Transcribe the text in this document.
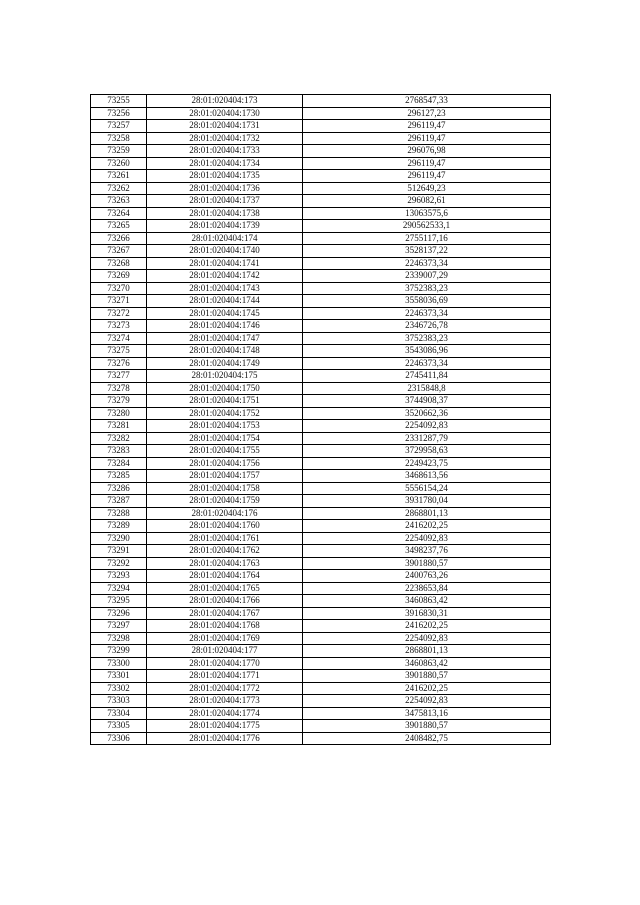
73255	28:01:020404:173	2768547,33
73256	28:01:020404:1730	296127,23
73257	28:01:020404:1731	296119,47
73258	28:01:020404:1732	296119,47
73259	28:01:020404:1733	296076,98
73260	28:01:020404:1734	296119,47
73261	28:01:020404:1735	296119,47
73262	28:01:020404:1736	512649,23
73263	28:01:020404:1737	296082,61
73264	28:01:020404:1738	13063575,6
73265	28:01:020404:1739	290562533,1
73266	28:01:020404:174	2755117,16
73267	28:01:020404:1740	3528137,22
73268	28:01:020404:1741	2246373,34
73269	28:01:020404:1742	2339007,29
73270	28:01:020404:1743	3752383,23
73271	28:01:020404:1744	3558036,69
73272	28:01:020404:1745	2246373,34
73273	28:01:020404:1746	2346726,78
73274	28:01:020404:1747	3752383,23
73275	28:01:020404:1748	3543086,96
73276	28:01:020404:1749	2246373,34
73277	28:01:020404:175	2745411,84
73278	28:01:020404:1750	2315848,8
73279	28:01:020404:1751	3744908,37
73280	28:01:020404:1752	3520662,36
73281	28:01:020404:1753	2254092,83
73282	28:01:020404:1754	2331287,79
73283	28:01:020404:1755	3729958,63
73284	28:01:020404:1756	2249423,75
73285	28:01:020404:1757	3468613,56
73286	28:01:020404:1758	5556154,24
73287	28:01:020404:1759	3931780,04
73288	28:01:020404:176	2868801,13
73289	28:01:020404:1760	2416202,25
73290	28:01:020404:1761	2254092,83
73291	28:01:020404:1762	3498237,76
73292	28:01:020404:1763	3901880,57
73293	28:01:020404:1764	2400763,26
73294	28:01:020404:1765	2238653,84
73295	28:01:020404:1766	3460863,42
73296	28:01:020404:1767	3916830,31
73297	28:01:020404:1768	2416202,25
73298	28:01:020404:1769	2254092,83
73299	28:01:020404:177	2868801,13
73300	28:01:020404:1770	3460863,42
73301	28:01:020404:1771	3901880,57
73302	28:01:020404:1772	2416202,25
73303	28:01:020404:1773	2254092,83
73304	28:01:020404:1774	3475813,16
73305	28:01:020404:1775	3901880,57
73306	28:01:020404:1776	2408482,75
